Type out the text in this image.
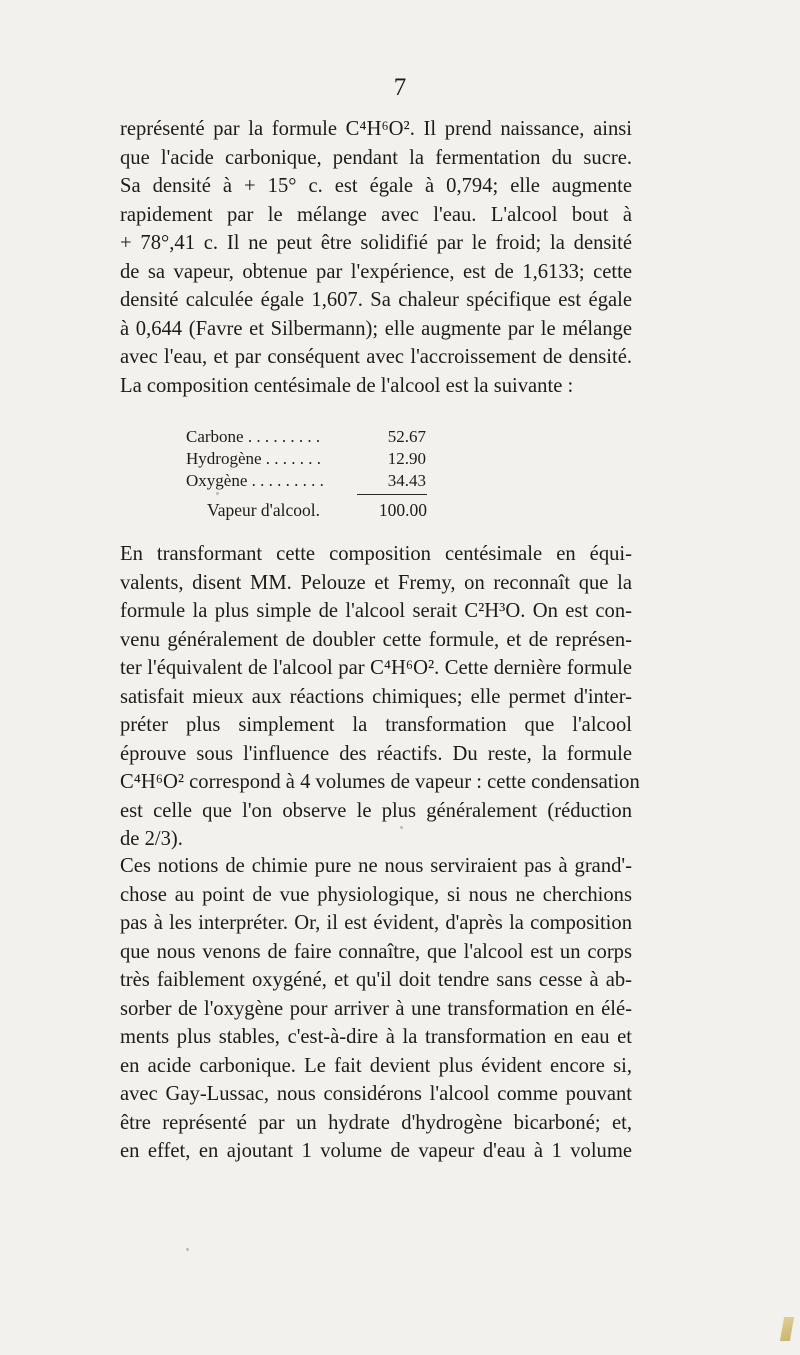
7
représenté par la formule C⁴H⁶O². Il prend naissance, ainsi
que l'acide carbonique, pendant la fermentation du sucre.
Sa densité à + 15° c. est égale à 0,794; elle augmente
rapidement par le mélange avec l'eau. L'alcool bout à
+ 78°,41 c. Il ne peut être solidifié par le froid; la densité
de sa vapeur, obtenue par l'expérience, est de 1,6133; cette
densité calculée égale 1,607. Sa chaleur spécifique est égale
à 0,644 (Favre et Silbermann); elle augmente par le mélange
avec l'eau, et par conséquent avec l'accroissement de densité.
La composition centésimale de l'alcool est la suivante :
Carbone . . . . . . . . .	52.67
Hydrogène . . . . . . .	12.90
Oxygène . . . . . . . . .	34.43
Vapeur d'alcool.	100.00
En transformant cette composition centésimale en équi-
valents, disent MM. Pelouze et Fremy, on reconnaît que la
formule la plus simple de l'alcool serait C²H³O. On est con-
venu généralement de doubler cette formule, et de représen-
ter l'équivalent de l'alcool par C⁴H⁶O². Cette dernière formule
satisfait mieux aux réactions chimiques; elle permet d'inter-
préter plus simplement la transformation que l'alcool
éprouve sous l'influence des réactifs. Du reste, la formule
C⁴H⁶O² correspond à 4 volumes de vapeur : cette condensation
est celle que l'on observe le plus généralement (réduction
de 2/3).
Ces notions de chimie pure ne nous serviraient pas à grand'-
chose au point de vue physiologique, si nous ne cherchions
pas à les interpréter. Or, il est évident, d'après la composition
que nous venons de faire connaître, que l'alcool est un corps
très faiblement oxygéné, et qu'il doit tendre sans cesse à ab-
sorber de l'oxygène pour arriver à une transformation en élé-
ments plus stables, c'est-à-dire à la transformation en eau et
en acide carbonique. Le fait devient plus évident encore si,
avec Gay-Lussac, nous considérons l'alcool comme pouvant
être représenté par un hydrate d'hydrogène bicarboné; et,
en effet, en ajoutant 1 volume de vapeur d'eau à 1 volume
